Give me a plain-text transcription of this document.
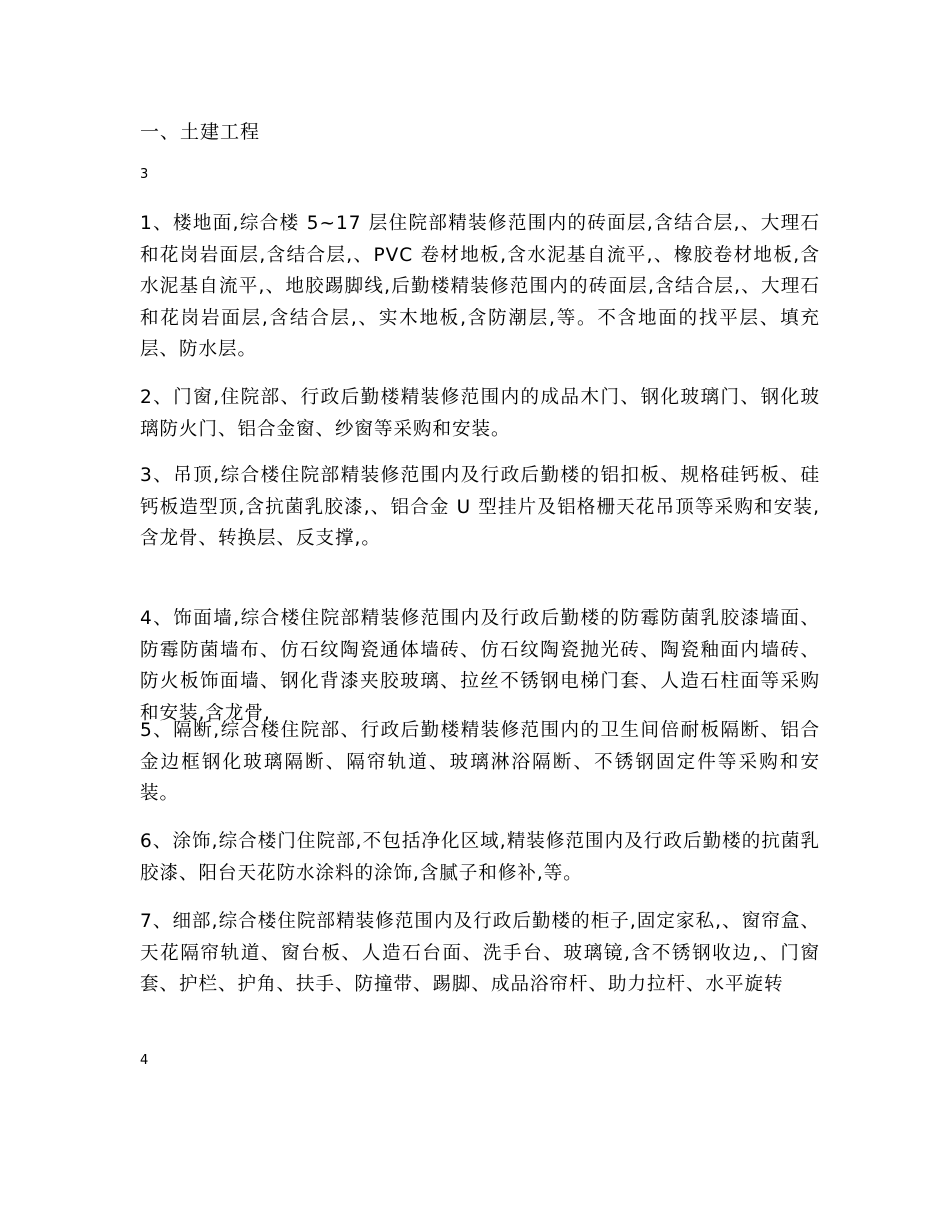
一、土建工程
3

1、楼地面,综合楼 5~17 层住院部精装修范围内的砖面层,含结合层,、大理石和花岗岩面层,含结合层,、PVC 卷材地板,含水泥基自流平,、橡胶卷材地板,含水泥基自流平,、地胶踢脚线,后勤楼精装修范围内的砖面层,含结合层,、大理石和花岗岩面层,含结合层,、实木地板,含防潮层,等。不含地面的找平层、填充层、防水层。

2、门窗,住院部、行政后勤楼精装修范围内的成品木门、钢化玻璃门、钢化玻璃防火门、铝合金窗、纱窗等采购和安装。

3、吊顶,综合楼住院部精装修范围内及行政后勤楼的铝扣板、规格硅钙板、硅钙板造型顶,含抗菌乳胶漆,、铝合金 U 型挂片及铝格栅天花吊顶等采购和安装,含龙骨、转换层、反支撑,。

4、饰面墙,综合楼住院部精装修范围内及行政后勤楼的防霉防菌乳胶漆墙面、防霉防菌墙布、仿石纹陶瓷通体墙砖、仿石纹陶瓷抛光砖、陶瓷釉面内墙砖、防火板饰面墙、钢化背漆夹胶玻璃、拉丝不锈钢电梯门套、人造石柱面等采购和安装,含龙骨,

5、隔断,综合楼住院部、行政后勤楼精装修范围内的卫生间倍耐板隔断、铝合金边框钢化玻璃隔断、隔帘轨道、玻璃淋浴隔断、不锈钢固定件等采购和安装。

6、涂饰,综合楼门住院部,不包括净化区域,精装修范围内及行政后勤楼的抗菌乳胶漆、阳台天花防水涂料的涂饰,含腻子和修补,等。

7、细部,综合楼住院部精装修范围内及行政后勤楼的柜子,固定家私,、窗帘盒、天花隔帘轨道、窗台板、人造石台面、洗手台、玻璃镜,含不锈钢收边,、门窗套、护栏、护角、扶手、防撞带、踢脚、成品浴帘杆、助力拉杆、水平旋转

4
